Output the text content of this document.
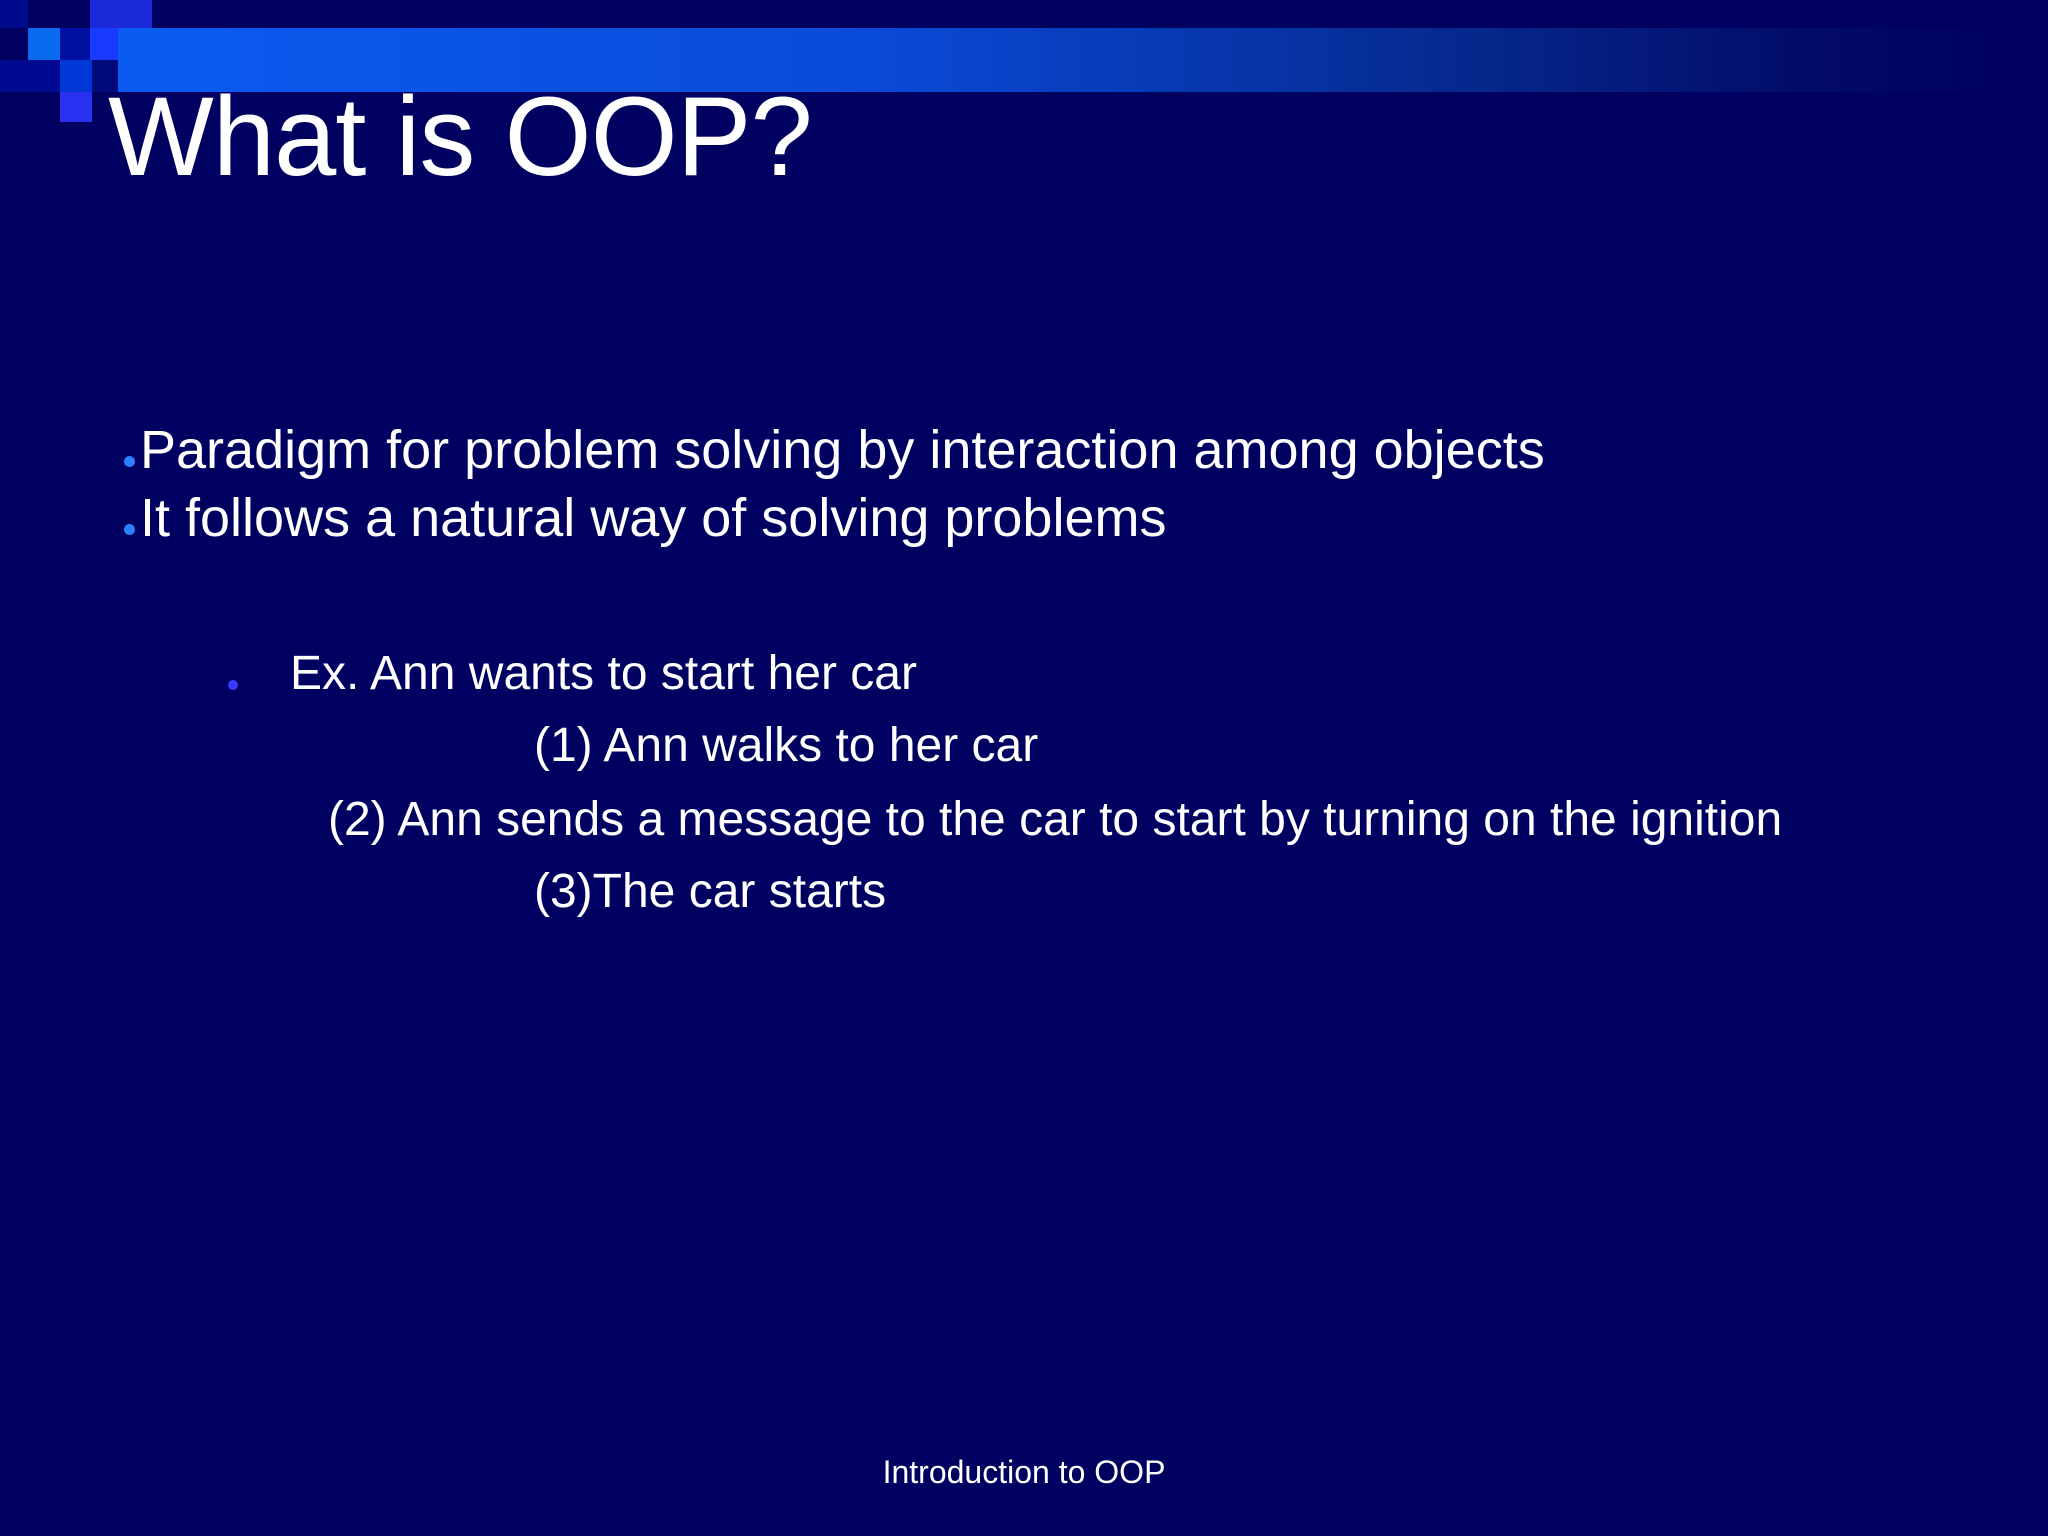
What is OOP?
Paradigm for problem solving by interaction among objects
It follows a natural way of solving problems
Ex. Ann wants to start her car
(1) Ann walks to her car
(2) Ann sends a message to the car to start by turning on the ignition
(3)The car starts
Introduction to OOP
